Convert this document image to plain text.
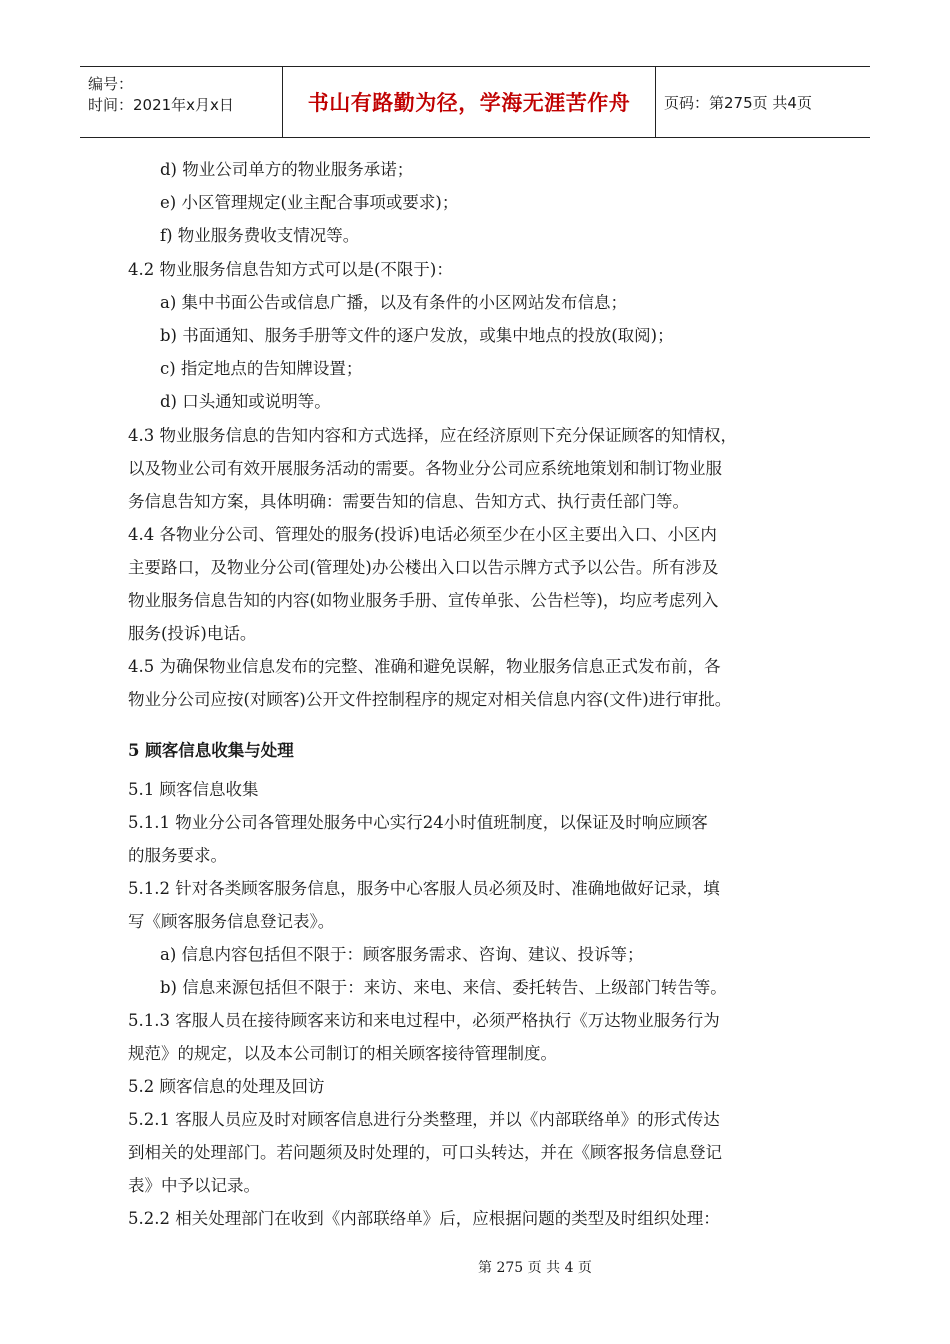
编号：
时间：2021年x月x日	书山有路勤为径，学海无涯苦作舟	页码：第275页 共4页
d) 物业公司单方的物业服务承诺；
e) 小区管理规定(业主配合事项或要求)；
f) 物业服务费收支情况等。
4.2 物业服务信息告知方式可以是(不限于)：
a) 集中书面公告或信息广播，以及有条件的小区网站发布信息；
b) 书面通知、服务手册等文件的逐户发放，或集中地点的投放(取阅)；
c) 指定地点的告知牌设置；
d) 口头通知或说明等。
4.3 物业服务信息的告知内容和方式选择，应在经济原则下充分保证顾客的知情权，
以及物业公司有效开展服务活动的需要。各物业分公司应系统地策划和制订物业服
务信息告知方案，具体明确：需要告知的信息、告知方式、执行责任部门等。
4.4 各物业分公司、管理处的服务(投诉)电话必须至少在小区主要出入口、小区内
主要路口，及物业分公司(管理处)办公楼出入口以告示牌方式予以公告。所有涉及
物业服务信息告知的内容(如物业服务手册、宣传单张、公告栏等)，均应考虑列入
服务(投诉)电话。
4.5 为确保物业信息发布的完整、准确和避免误解，物业服务信息正式发布前，各
物业分公司应按(对顾客)公开文件控制程序的规定对相关信息内容(文件)进行审批。
5 顾客信息收集与处理
5.1 顾客信息收集
5.1.1 物业分公司各管理处服务中心实行24小时值班制度，以保证及时响应顾客
的服务要求。
5.1.2 针对各类顾客服务信息，服务中心客服人员必须及时、准确地做好记录，填
写《顾客服务信息登记表》。
a) 信息内容包括但不限于：顾客服务需求、咨询、建议、投诉等；
b) 信息来源包括但不限于：来访、来电、来信、委托转告、上级部门转告等。
5.1.3 客服人员在接待顾客来访和来电过程中，必须严格执行《万达物业服务行为
规范》的规定，以及本公司制订的相关顾客接待管理制度。
5.2 顾客信息的处理及回访
5.2.1 客服人员应及时对顾客信息进行分类整理，并以《内部联络单》的形式传达
到相关的处理部门。若问题须及时处理的，可口头转达，并在《顾客报务信息登记
表》中予以记录。
5.2.2 相关处理部门在收到《内部联络单》后，应根据问题的类型及时组织处理：
第 275 页 共 4 页
